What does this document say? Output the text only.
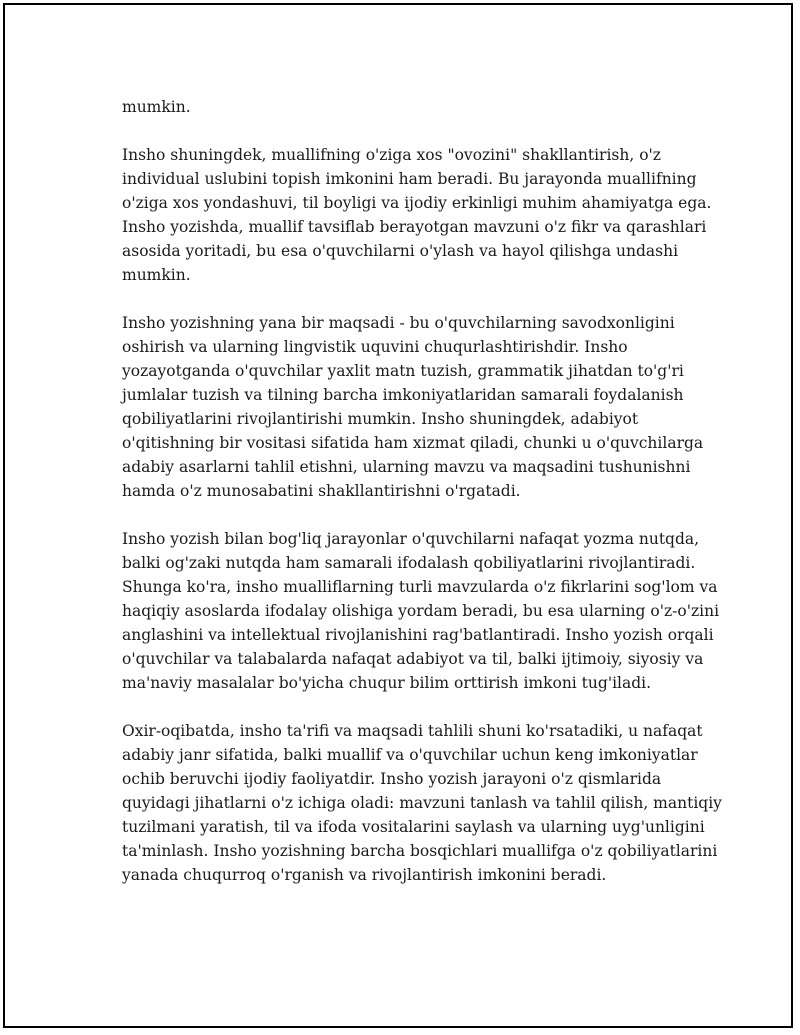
mumkin.

Insho shuningdek, muallifning o'ziga xos "ovozini" shakllantirish, o'z
individual uslubini topish imkonini ham beradi. Bu jarayonda muallifning
o'ziga xos yondashuvi, til boyligi va ijodiy erkinligi muhim ahamiyatga ega.
Insho yozishda, muallif tavsiflab berayotgan mavzuni o'z fikr va qarashlari
asosida yoritadi, bu esa o'quvchilarni o'ylash va hayol qilishga undashi
mumkin.

Insho yozishning yana bir maqsadi - bu o'quvchilarning savodxonligini
oshirish va ularning lingvistik uquvini chuqurlashtirishdir. Insho
yozayotganda o'quvchilar yaxlit matn tuzish, grammatik jihatdan to'g'ri
jumlalar tuzish va tilning barcha imkoniyatlaridan samarali foydalanish
qobiliyatlarini rivojlantirishi mumkin. Insho shuningdek, adabiyot
o'qitishning bir vositasi sifatida ham xizmat qiladi, chunki u o'quvchilarga
adabiy asarlarni tahlil etishni, ularning mavzu va maqsadini tushunishni
hamda o'z munosabatini shakllantirishni o'rgatadi.

Insho yozish bilan bog'liq jarayonlar o'quvchilarni nafaqat yozma nutqda,
balki og'zaki nutqda ham samarali ifodalash qobiliyatlarini rivojlantiradi.
Shunga ko'ra, insho mualliflarning turli mavzularda o'z fikrlarini sog'lom va
haqiqiy asoslarda ifodalay olishiga yordam beradi, bu esa ularning o'z-o'zini
anglashini va intellektual rivojlanishini rag'batlantiradi. Insho yozish orqali
o'quvchilar va talabalarda nafaqat adabiyot va til, balki ijtimoiy, siyosiy va
ma'naviy masalalar bo'yicha chuqur bilim orttirish imkoni tug'iladi.

Oxir-oqibatda, insho ta'rifi va maqsadi tahlili shuni ko'rsatadiki, u nafaqat
adabiy janr sifatida, balki muallif va o'quvchilar uchun keng imkoniyatlar
ochib beruvchi ijodiy faoliyatdir. Insho yozish jarayoni o'z qismlarida
quyidagi jihatlarni o'z ichiga oladi: mavzuni tanlash va tahlil qilish, mantiqiy
tuzilmani yaratish, til va ifoda vositalarini saylash va ularning uyg'unligini
ta'minlash. Insho yozishning barcha bosqichlari muallifga o'z qobiliyatlarini
yanada chuqurroq o'rganish va rivojlantirish imkonini beradi.
